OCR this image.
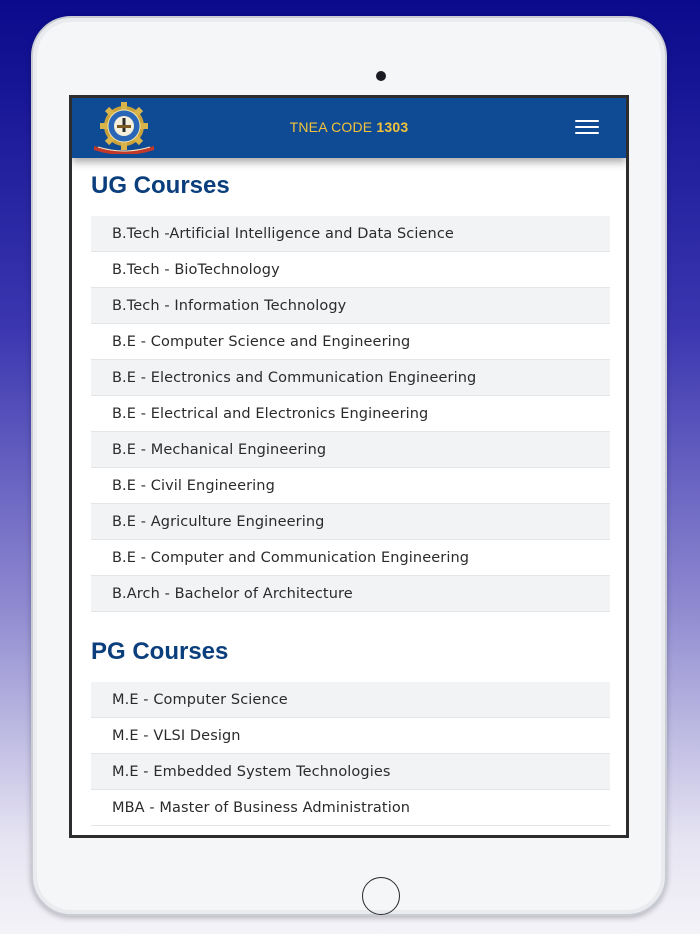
TNEA CODE 1303
UG Courses
B.Tech -Artificial Intelligence and Data Science
B.Tech - BioTechnology
B.Tech - Information Technology
B.E - Computer Science and Engineering
B.E - Electronics and Communication Engineering
B.E - Electrical and Electronics Engineering
B.E - Mechanical Engineering
B.E - Civil Engineering
B.E - Agriculture Engineering
B.E - Computer and Communication Engineering
B.Arch - Bachelor of Architecture
PG Courses
M.E - Computer Science
M.E - VLSI Design
M.E - Embedded System Technologies
MBA - Master of Business Administration
